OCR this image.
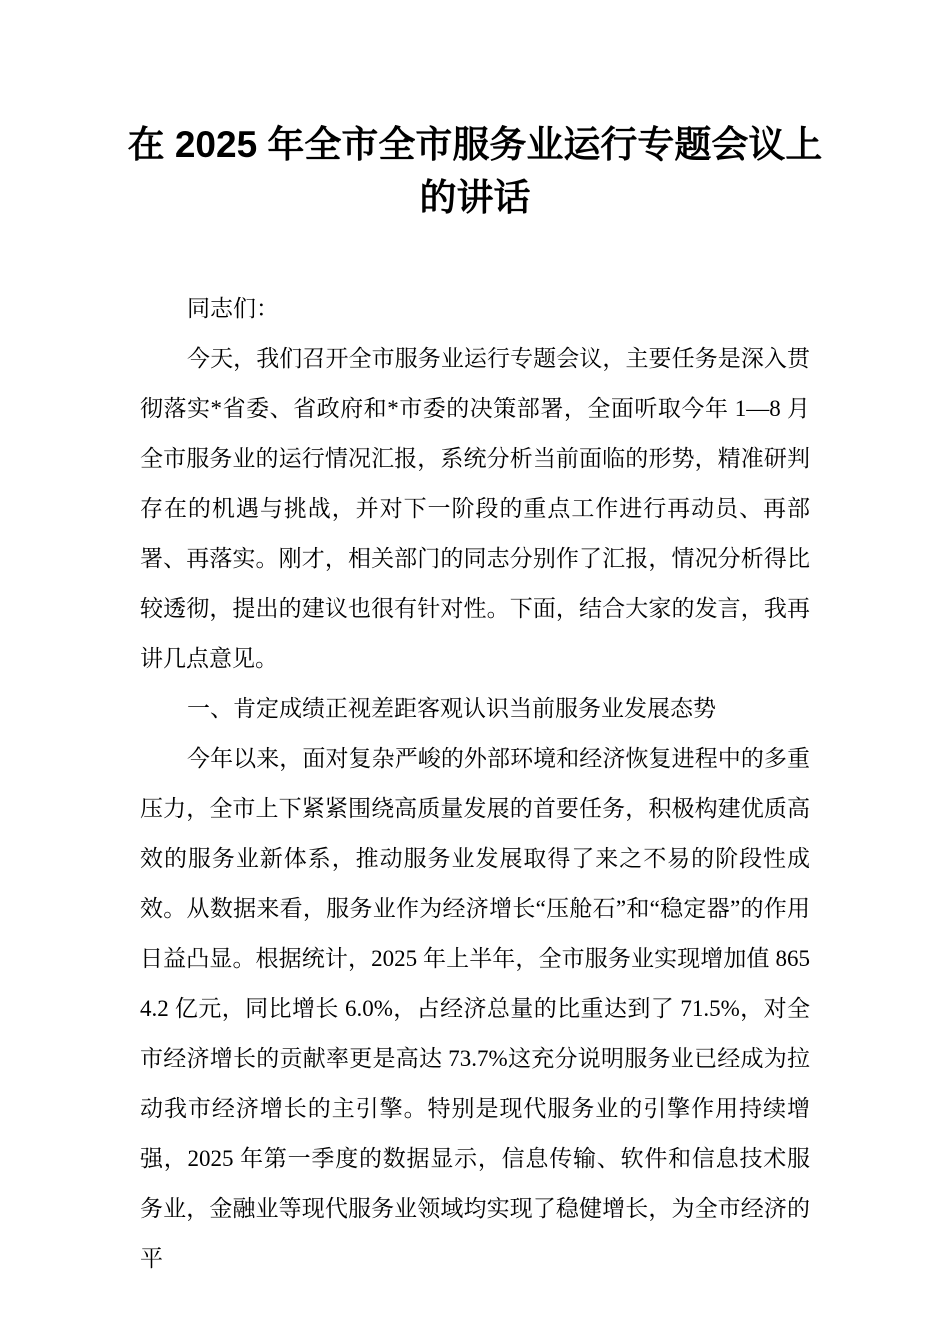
在 2025 年全市全市服务业运行专题会议上
的讲话

同志们：

今天，我们召开全市服务业运行专题会议，主要任务是深入贯彻落实*省委、省政府和*市委的决策部署，全面听取今年 1—8 月全市服务业的运行情况汇报，系统分析当前面临的形势，精准研判存在的机遇与挑战，并对下一阶段的重点工作进行再动员、再部署、再落实。刚才，相关部门的同志分别作了汇报，情况分析得比较透彻，提出的建议也很有针对性。下面，结合大家的发言，我再讲几点意见。

一、肯定成绩正视差距客观认识当前服务业发展态势

今年以来，面对复杂严峻的外部环境和经济恢复进程中的多重压力，全市上下紧紧围绕高质量发展的首要任务，积极构建优质高效的服务业新体系，推动服务业发展取得了来之不易的阶段性成效。从数据来看，服务业作为经济增长“压舱石”和“稳定器”的作用日益凸显。根据统计，2025 年上半年，全市服务业实现增加值 8654.2 亿元，同比增长 6.0%，占经济总量的比重达到了 71.5%，对全市经济增长的贡献率更是高达 73.7%这充分说明服务业已经成为拉动我市经济增长的主引擎。特别是现代服务业的引擎作用持续增强，2025 年第一季度的数据显示，信息传输、软件和信息技术服务业，金融业等现代服务业领域均实现了稳健增长，为全市经济的平
